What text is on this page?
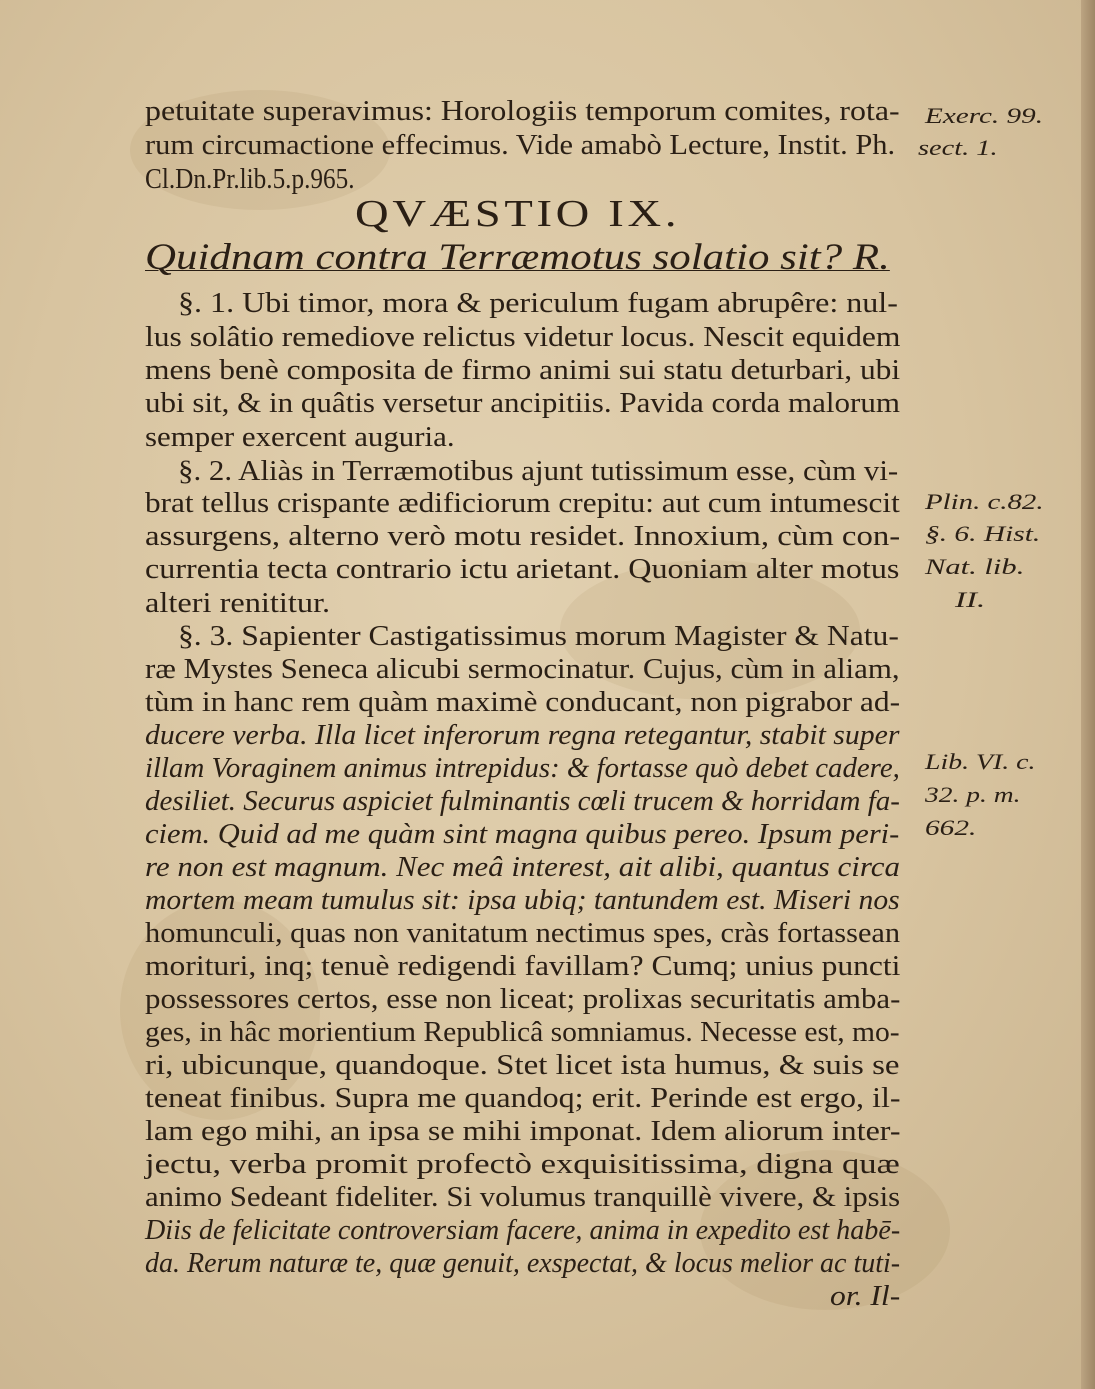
petuitate superavimus: Horologiis temporum comites, rota-

rum circumactione effecimus. Vide amabò Lecture, Instit. Ph.

Cl.Dn.Pr.lib.5.p.965.

QVÆSTIO IX.

Quidnam contra Terræmotus solatio sit? R.

§. 1. Ubi timor, mora & periculum fugam abrupêre: nul-

lus solâtio remediove relictus videtur locus. Nescit equidem

mens benè composita de firmo animi sui statu deturbari, ubi

ubi sit, & in quâtis versetur ancipitiis. Pavida corda malorum

semper exercent auguria.

§. 2. Aliàs in Terræmotibus ajunt tutissimum esse, cùm vi-

brat tellus crispante ædificiorum crepitu: aut cum intumescit

assurgens, alterno verò motu residet. Innoxium, cùm con-

currentia tecta contrario ictu arietant. Quoniam alter motus

alteri renititur.

§. 3. Sapienter Castigatissimus morum Magister & Natu-

ræ Mystes Seneca alicubi sermocinatur. Cujus, cùm in aliam,

tùm in hanc rem quàm maximè conducant, non pigrabor ad-

ducere verba. Illa licet inferorum regna retegantur, stabit super

illam Voraginem animus intrepidus: & fortasse quò debet cadere,

desiliet. Securus aspiciet fulminantis cœli trucem & horridam fa-

ciem. Quid ad me quàm sint magna quibus pereo. Ipsum peri-

re non est magnum. Nec meâ interest, ait alibi, quantus circa

mortem meam tumulus sit: ipsa ubiq; tantundem est. Miseri nos

homunculi, quas non vanitatum nectimus spes, cràs fortassean

morituri, inq; tenuè redigendi favillam? Cumq; unius puncti

possessores certos, esse non liceat; prolixas securitatis amba-

ges, in hâc morientium Republicâ somniamus. Necesse est, mo-

ri, ubicunque, quandoque. Stet licet ista humus, & suis se

teneat finibus. Supra me quandoq; erit. Perinde est ergo, il-

lam ego mihi, an ipsa se mihi imponat. Idem aliorum inter-

jectu, verba promit profectò exquisitissima, digna quæ

animo Sedeant fideliter. Si volumus tranquillè vivere, & ipsis

Diis de felicitate controversiam facere, anima in expedito est habē-

da. Rerum naturæ te, quæ genuit, exspectat, & locus melior ac tuti-

or. Il-

Exerc. 99.

sect. 1.

Plin. c.82.

§. 6. Hist.

Nat. lib.

II.

Lib. VI. c.

32. p. m.

662.
